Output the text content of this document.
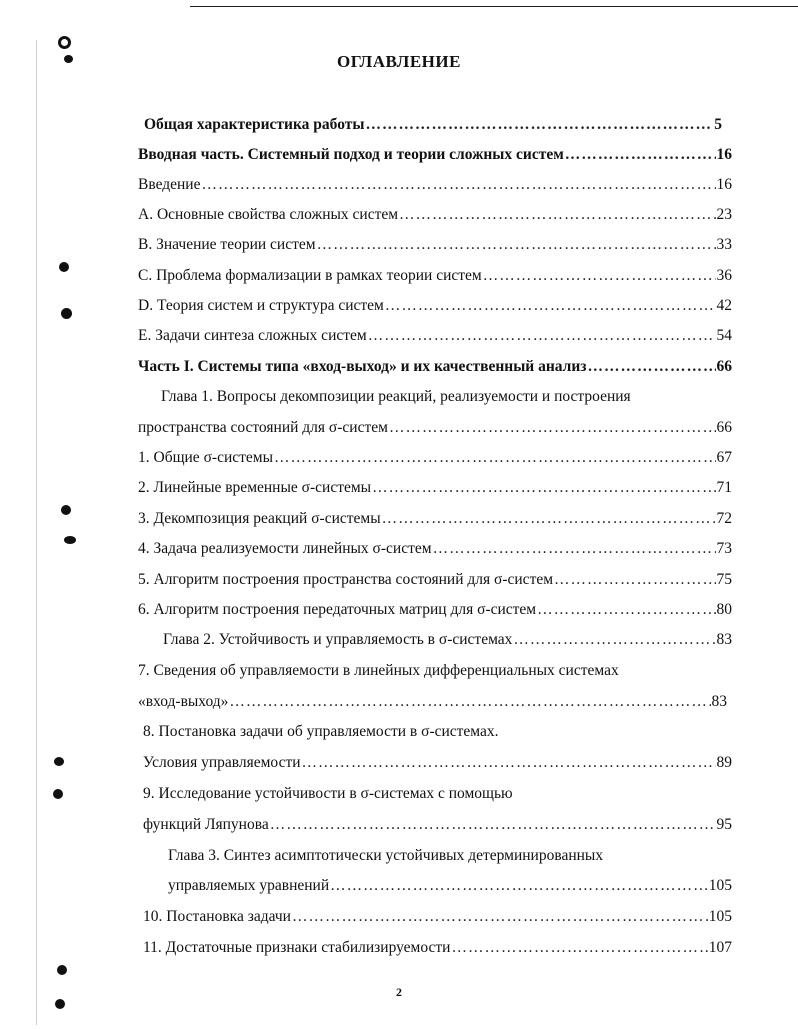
ОГЛАВЛЕНИЕ
Общая характеристика работы …………………………………………………………………………………………………………………………………………………………	5
Вводная часть. Системный подход и теории сложных систем …………………………………………………………………………………………………………………………………………………………	16
Введение …………………………………………………………………………………………………………………………………………………………	16
А. Основные свойства сложных систем …………………………………………………………………………………………………………………………………………………………	23
В. Значение теории систем …………………………………………………………………………………………………………………………………………………………	33
С. Проблема формализации в рамках теории систем …………………………………………………………………………………………………………………………………………………………	36
D. Теория систем и структура систем …………………………………………………………………………………………………………………………………………………………	42
Е. Задачи синтеза сложных систем …………………………………………………………………………………………………………………………………………………………	54
Часть I. Системы типа «вход-выход» и их качественный анализ …………………………………………………………………………………………………………………………………………………………	66
Глава 1. Вопросы декомпозиции реакций, реализуемости и построения
пространства состояний для σ-систем …………………………………………………………………………………………………………………………………………………………	66
1. Общие σ-системы …………………………………………………………………………………………………………………………………………………………	67
2. Линейные временные σ-системы …………………………………………………………………………………………………………………………………………………………	71
3. Декомпозиция реакций σ-системы …………………………………………………………………………………………………………………………………………………………	72
4. Задача реализуемости линейных σ-систем …………………………………………………………………………………………………………………………………………………………	73
5. Алгоритм построения пространства состояний для σ-систем …………………………………………………………………………………………………………………………………………………………	75
6. Алгоритм построения передаточных матриц для σ-систем …………………………………………………………………………………………………………………………………………………………	80
Глава 2. Устойчивость и управляемость в σ-системах …………………………………………………………………………………………………………………………………………………………	83
7. Сведения об управляемости в линейных дифференциальных системах
«вход-выход» …………………………………………………………………………………………………………………………………………………………	83
8. Постановка задачи об управляемости в σ-системах.
Условия управляемости …………………………………………………………………………………………………………………………………………………………	89
9. Исследование устойчивости в σ-системах с помощью
функций Ляпунова …………………………………………………………………………………………………………………………………………………………	95
Глава 3. Синтез асимптотически устойчивых детерминированных
управляемых уравнений …………………………………………………………………………………………………………………………………………………………	105
10. Постановка задачи …………………………………………………………………………………………………………………………………………………………	105
11. Достаточные признаки стабилизируемости …………………………………………………………………………………………………………………………………………………………	107
2
